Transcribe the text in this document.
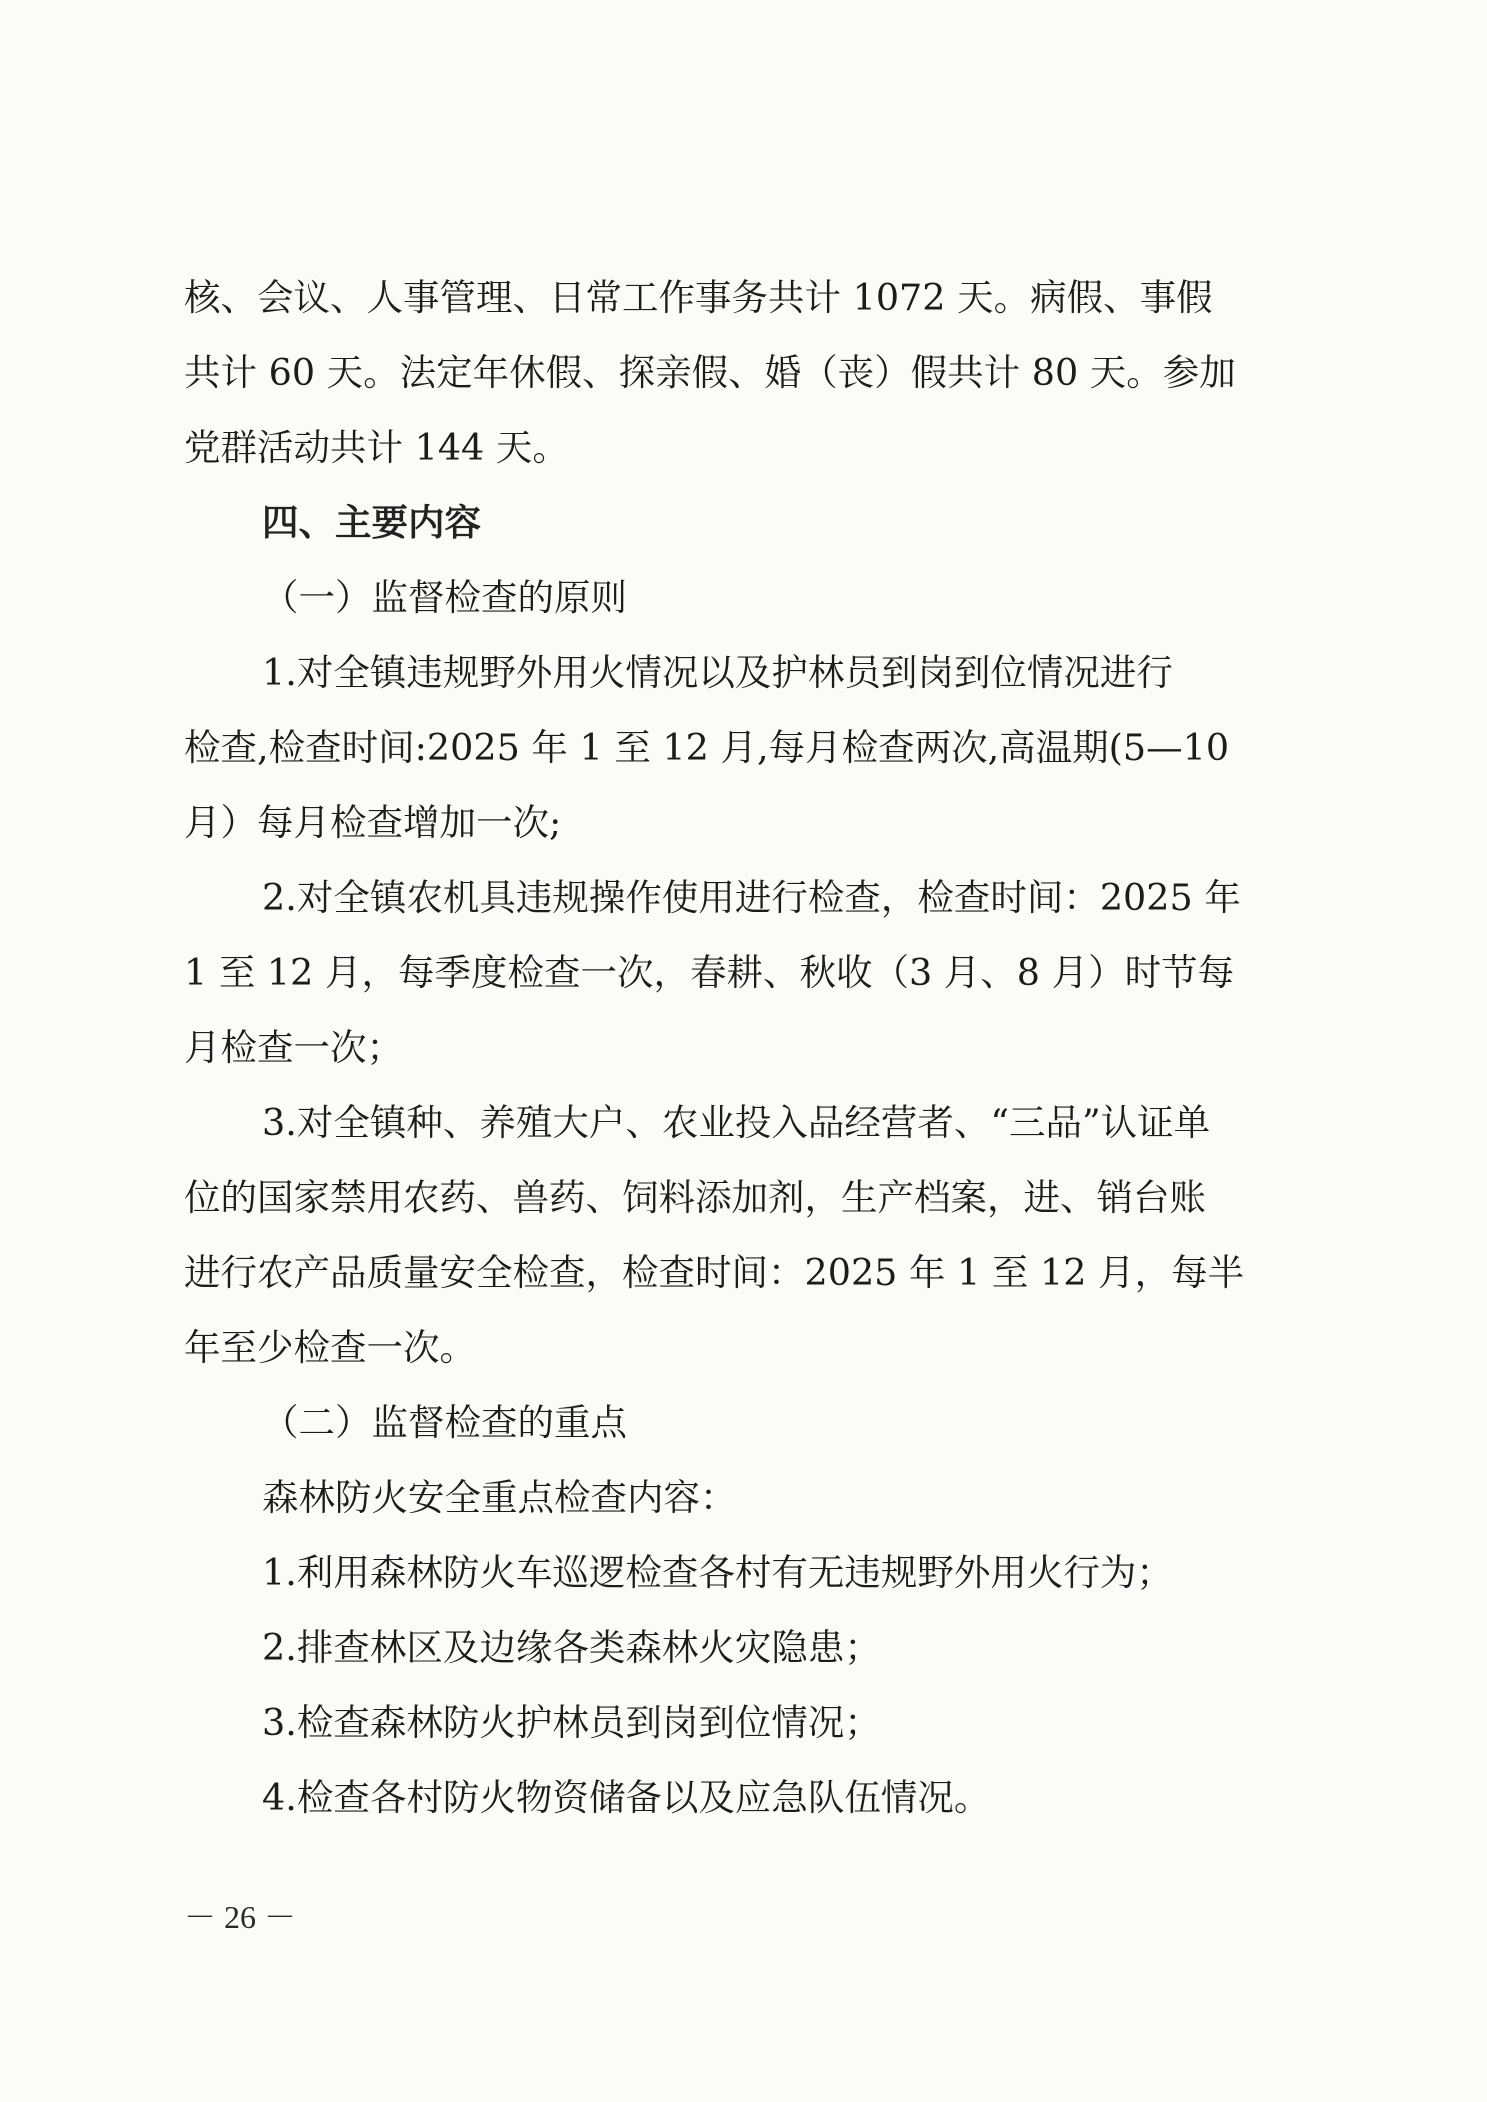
核、会议、人事管理、日常工作事务共计 1072 天。病假、事假
共计 60 天。法定年休假、探亲假、婚（丧）假共计 80 天。参加
党群活动共计 144 天。
四、主要内容
（一）监督检查的原则
1.对全镇违规野外用火情况以及护林员到岗到位情况进行
检查,检查时间:2025 年 1 至 12 月,每月检查两次,高温期(5—10
月）每月检查增加一次;
2.对全镇农机具违规操作使用进行检查，检查时间：2025 年
1 至 12 月，每季度检查一次，春耕、秋收（3 月、8 月）时节每
月检查一次；
3.对全镇种、养殖大户、农业投入品经营者、“三品”认证单
位的国家禁用农药、兽药、饲料添加剂，生产档案，进、销台账
进行农产品质量安全检查，检查时间：2025 年 1 至 12 月，每半
年至少检查一次。
（二）监督检查的重点
森林防火安全重点检查内容：
1.利用森林防火车巡逻检查各村有无违规野外用火行为；
2.排查林区及边缘各类森林火灾隐患；
3.检查森林防火护林员到岗到位情况；
4.检查各村防火物资储备以及应急队伍情况。
－ 26 －
